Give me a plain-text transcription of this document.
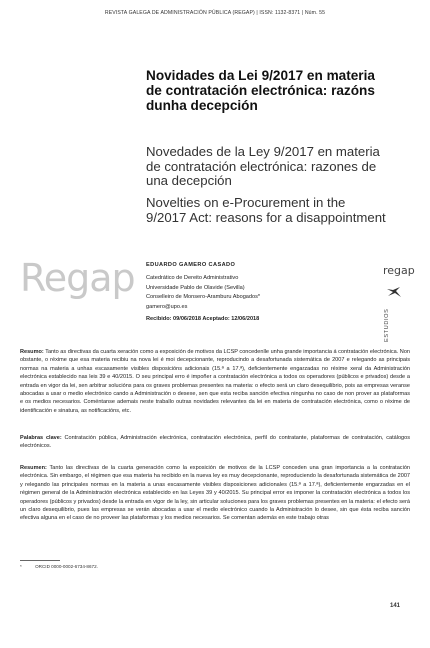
REVISTA GALEGA DE ADMINISTRACIÓN PÚBLICA (REGAP) | ISSN: 1132-8371 | Núm. 55
Novidades da Lei 9/2017 en materia de contratación electrónica: razóns dunha decepción
Novedades de la Ley 9/2017 en materia de contratación electrónica: razones de una decepción
Novelties on e-Procurement in the 9/2017 Act: reasons for a disappointment
Regap EDUARDO GAMERO CASADO
Catedrático de Dereito Administrativo
Universidade Pablo de Olavide (Sevilla)
Conselleiro de Monsero-Aramburu Abogados*
gamero@upo.es
Recibido: 09/06/2018 Aceptado: 12/06/2018
regap
ESTUDIOS
Resumo: Tanto as directivas da cuarta xeración como a exposición de motivos da LCSP concedenlle unha grande importancia á contratación electrónica. Non obstante, o réxime que esa materia recibiu na nova lei é moi decepcionante, reproducindo a desafortunada sistemática de 2007 e relegando as principais normas na materia a unhas escasamente visibles disposicións adicionais (15.ª a 17.ª), deficientemente engarzadas no réxime xeral da Administración electrónica establecido nas leis 39 e 40/2015. O seu principal erro é impoñer a contratación electrónica a todos os operadores (públicos e privados) desde a entrada en vigor da lei, sen arbitrar solucións para os graves problemas presentes na materia: o efecto será un claro desequilibrio, pois as empresas veranse abocadas a usar o medio electrónico cando a Administración o desexe, sen que esta reciba sanción efectiva ningunha no caso de non prover as plataformas e os medios necesarios. Coméntanse ademais neste traballo outras novidades relevantes da lei en materia de contratación electrónica, como o réxime de identificación e sinatura, as notificacións, etc.
Palabras clave: Contratación pública, Administración electrónica, contratación electrónica, perfil do contratante, plataformas de contratación, catálogos electrónicos.
Resumen: Tanto las directivas de la cuarta generación como la exposición de motivos de la LCSP conceden una gran importancia a la contratación electrónica. Sin embargo, el régimen que esa materia ha recibido en la nueva ley es muy decepcionante, reproduciendo la desafortunada sistemática de 2007 y relegando las principales normas en la materia a unas escasamente visibles disposiciones adicionales (15.ª a 17.ª), deficientemente engarzadas en el régimen general de la Administración electrónica establecido en las Leyes 39 y 40/2015. Su principal error es imponer la contratación electrónica a todos los operadores (públicos y privados) desde la entrada en vigor de la ley, sin articular soluciones para los graves problemas presentes en la materia: el efecto será un claro desequilibrio, pues las empresas se verán abocadas a usar el medio electrónico cuando la Administración lo desee, sin que ésta reciba sanción efectiva alguna en el caso de no proveer las plataformas y los medios necesarios. Se comentan además en este trabajo otras
*	ORCID 0000-0002-6734-8672.
141
